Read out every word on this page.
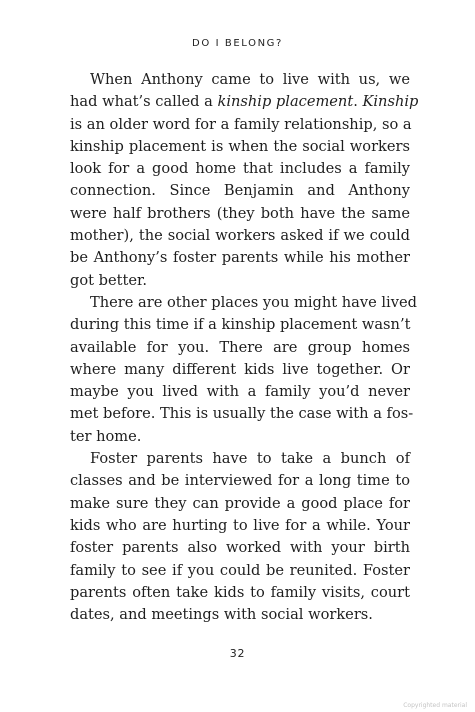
DO I BELONG?
When Anthony came to live with us, we
had what’s called a kinship placement. Kinship
is an older word for a family relationship, so a
kinship placement is when the social workers
look for a good home that includes a family
connection. Since Benjamin and Anthony
were half brothers (they both have the same
mother), the social workers asked if we could
be Anthony’s foster parents while his mother
got better.
There are other places you might have lived
during this time if a kinship placement wasn’t
available for you. There are group homes
where many different kids live together. Or
maybe you lived with a family you’d never
met before. This is usually the case with a fos-
ter home.
Foster parents have to take a bunch of
classes and be interviewed for a long time to
make sure they can provide a good place for
kids who are hurting to live for a while. Your
foster parents also worked with your birth
family to see if you could be reunited. Foster
parents often take kids to family visits, court
dates, and meetings with social workers.
32
Copyrighted material
